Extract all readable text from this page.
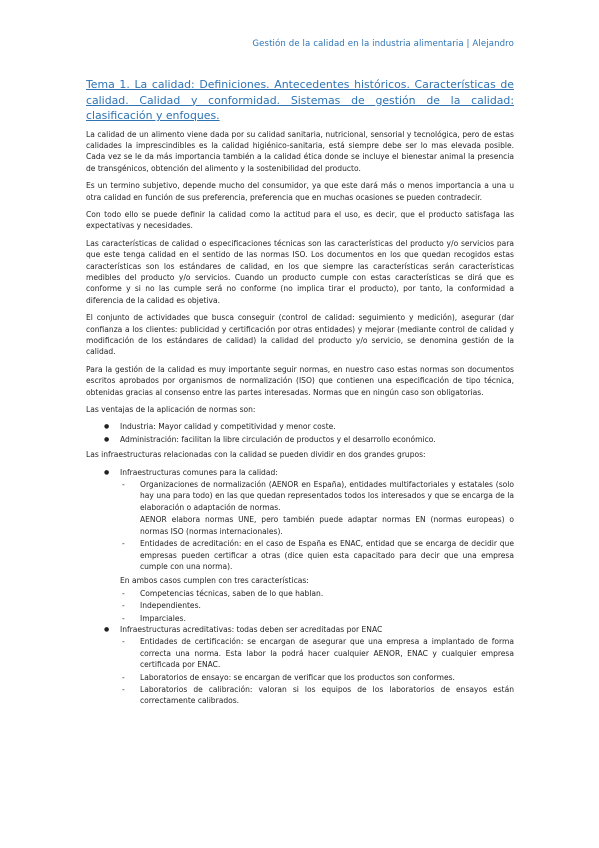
Gestión de la calidad en la industria alimentaria | Alejandro
Tema 1. La calidad: Definiciones. Antecedentes históricos. Características de calidad. Calidad y conformidad. Sistemas de gestión de la calidad: clasificación y enfoques.

La calidad de un alimento viene dada por su calidad sanitaria, nutricional, sensorial y tecnológica, pero de estas calidades la imprescindibles es la calidad higiénico-sanitaria, está siempre debe ser lo mas elevada posible. Cada vez se le da más importancia también a la calidad ética donde se incluye el bienestar animal la presencia de transgénicos, obtención del alimento y la sostenibilidad del producto.

Es un termino subjetivo, depende mucho del consumidor, ya que este dará más o menos importancia a una u otra calidad en función de sus preferencia, preferencia que en muchas ocasiones se pueden contradecir.

Con todo ello se puede definir la calidad como la actitud para el uso, es decir, que el producto satisfaga las expectativas y necesidades.

Las características de calidad o especificaciones técnicas son las características del producto y/o servicios para que este tenga calidad en el sentido de las normas ISO. Los documentos en los que quedan recogidos estas características son los estándares de calidad, en los que siempre las características serán características medibles del producto y/o servicios. Cuando un producto cumple con estas características se dirá que es conforme y si no las cumple será no conforme (no implica tirar el producto), por tanto, la conformidad a diferencia de la calidad es objetiva.

El conjunto de actividades que busca conseguir (control de calidad: seguimiento y medición), asegurar (dar confianza a los clientes: publicidad y certificación por otras entidades) y mejorar (mediante control de calidad y modificación de los estándares de calidad) la calidad del producto y/o servicio, se denomina gestión de la calidad.

Para la gestión de la calidad es muy importante seguir normas, en nuestro caso estas normas son documentos escritos aprobados por organismos de normalización (ISO) que contienen una especificación de tipo técnica, obtenidas gracias al consenso entre las partes interesadas. Normas que en ningún caso son obligatorias.

Las ventajas de la aplicación de normas son:

● Industria: Mayor calidad y competitividad y menor coste.
● Administración: facilitan la libre circulación de productos y el desarrollo económico.

Las infraestructuras relacionadas con la calidad se pueden dividir en dos grandes grupos:

● Infraestructuras comunes para la calidad:
- Organizaciones de normalización (AENOR en España), entidades multifactoriales y estatales (solo hay una para todo) en las que quedan representados todos los interesados y que se encarga de la elaboración o adaptación de normas.
AENOR elabora normas UNE, pero también puede adaptar normas EN (normas europeas) o normas ISO (normas internacionales).
- Entidades de acreditación: en el caso de España es ENAC, entidad que se encarga de decidir que empresas pueden certificar a otras (dice quien esta capacitado para decir que una empresa cumple con una norma).
En ambos casos cumplen con tres características:
- Competencias técnicas, saben de lo que hablan.
- Independientes.
- Imparciales.
● Infraestructuras acreditativas: todas deben ser acreditadas por ENAC
- Entidades de certificación: se encargan de asegurar que una empresa a implantado de forma correcta una norma. Esta labor la podrá hacer cualquier AENOR, ENAC y cualquier empresa certificada por ENAC.
- Laboratorios de ensayo: se encargan de verificar que los productos son conformes.
- Laboratorios de calibración: valoran si los equipos de los laboratorios de ensayos están correctamente calibrados.
